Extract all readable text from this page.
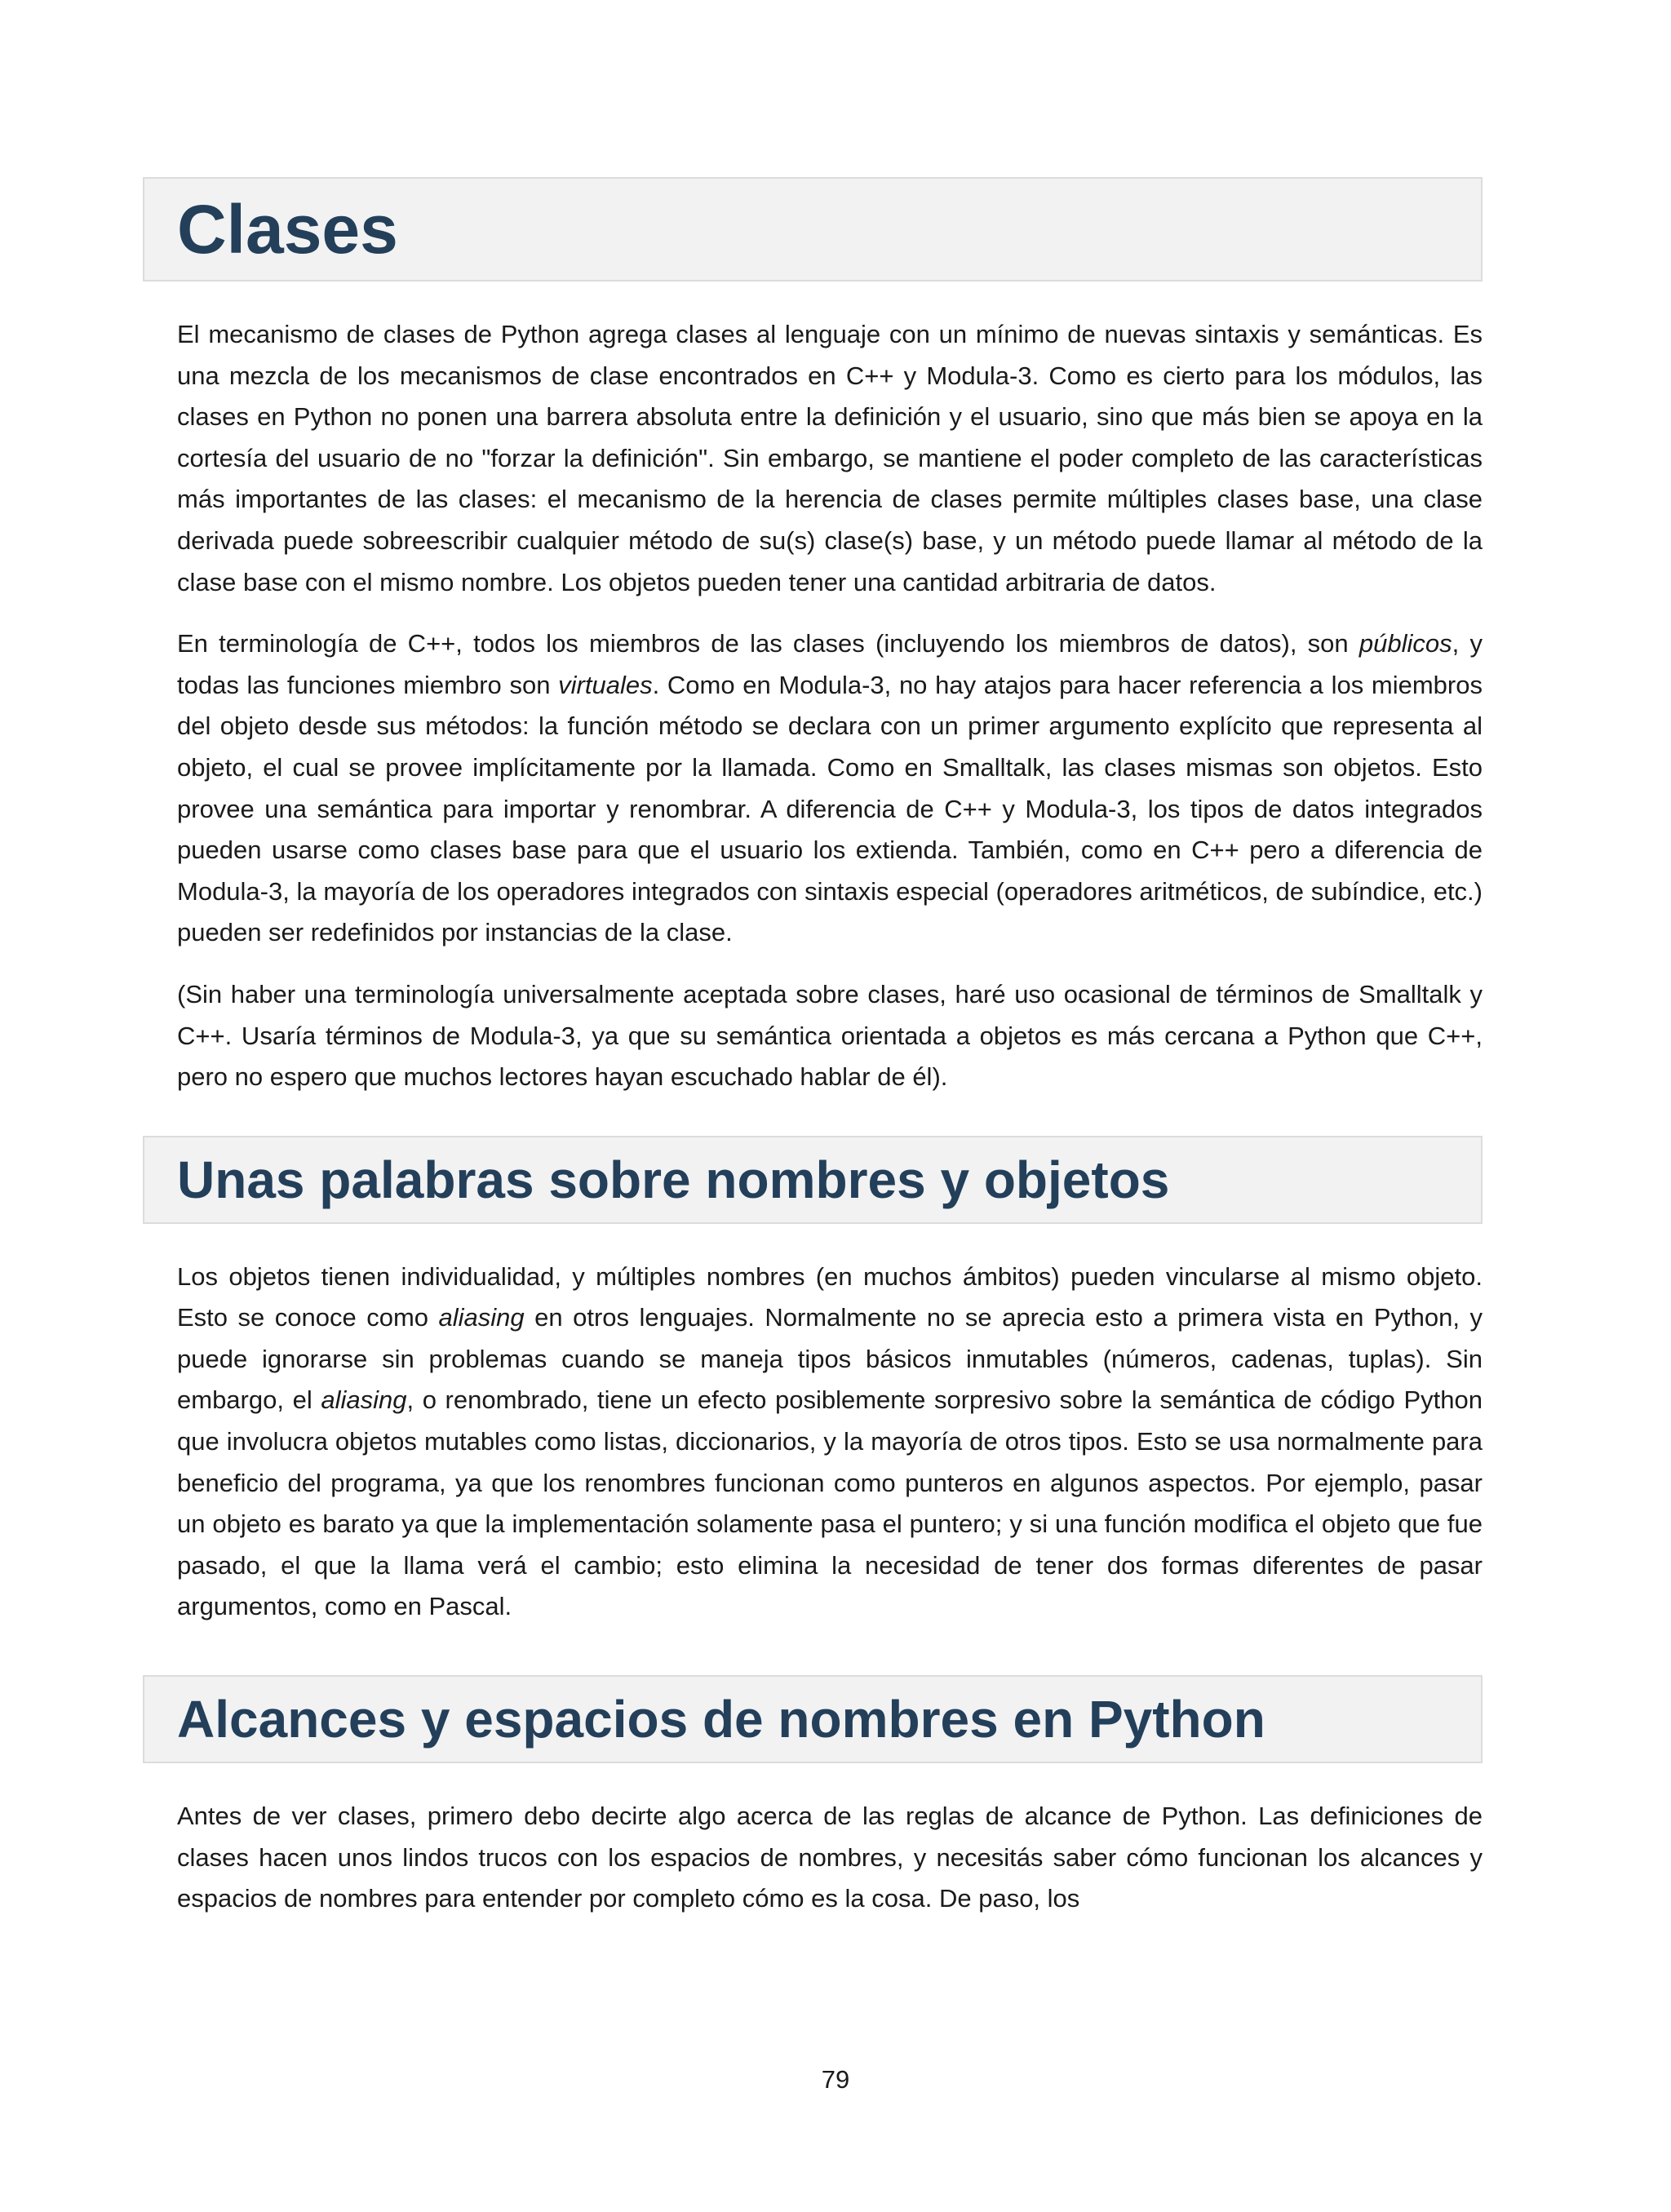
Clases

El mecanismo de clases de Python agrega clases al lenguaje con un mínimo de nuevas sintaxis y semánticas. Es una mezcla de los mecanismos de clase encontrados en C++ y Modula-3. Como es cierto para los módulos, las clases en Python no ponen una barrera absoluta entre la definición y el usuario, sino que más bien se apoya en la cortesía del usuario de no "forzar la definición". Sin embargo, se mantiene el poder completo de las características más importantes de las clases: el mecanismo de la herencia de clases permite múltiples clases base, una clase derivada puede sobreescribir cualquier método de su(s) clase(s) base, y un método puede llamar al método de la clase base con el mismo nombre. Los objetos pueden tener una cantidad arbitraria de datos.

En terminología de C++, todos los miembros de las clases (incluyendo los miembros de datos), son públicos, y todas las funciones miembro son virtuales. Como en Modula-3, no hay atajos para hacer referencia a los miembros del objeto desde sus métodos: la función método se declara con un primer argumento explícito que representa al objeto, el cual se provee implícitamente por la llamada. Como en Smalltalk, las clases mismas son objetos. Esto provee una semántica para importar y renombrar. A diferencia de C++ y Modula-3, los tipos de datos integrados pueden usarse como clases base para que el usuario los extienda. También, como en C++ pero a diferencia de Modula-3, la mayoría de los operadores integrados con sintaxis especial (operadores aritméticos, de subíndice, etc.) pueden ser redefinidos por instancias de la clase.

(Sin haber una terminología universalmente aceptada sobre clases, haré uso ocasional de términos de Smalltalk y C++. Usaría términos de Modula-3, ya que su semántica orientada a objetos es más cercana a Python que C++, pero no espero que muchos lectores hayan escuchado hablar de él).

Unas palabras sobre nombres y objetos

Los objetos tienen individualidad, y múltiples nombres (en muchos ámbitos) pueden vincularse al mismo objeto. Esto se conoce como aliasing en otros lenguajes. Normalmente no se aprecia esto a primera vista en Python, y puede ignorarse sin problemas cuando se maneja tipos básicos inmutables (números, cadenas, tuplas). Sin embargo, el aliasing, o renombrado, tiene un efecto posiblemente sorpresivo sobre la semántica de código Python que involucra objetos mutables como listas, diccionarios, y la mayoría de otros tipos. Esto se usa normalmente para beneficio del programa, ya que los renombres funcionan como punteros en algunos aspectos. Por ejemplo, pasar un objeto es barato ya que la implementación solamente pasa el puntero; y si una función modifica el objeto que fue pasado, el que la llama verá el cambio; esto elimina la necesidad de tener dos formas diferentes de pasar argumentos, como en Pascal.

Alcances y espacios de nombres en Python

Antes de ver clases, primero debo decirte algo acerca de las reglas de alcance de Python. Las definiciones de clases hacen unos lindos trucos con los espacios de nombres, y necesitás saber cómo funcionan los alcances y espacios de nombres para entender por completo cómo es la cosa. De paso, los

79
